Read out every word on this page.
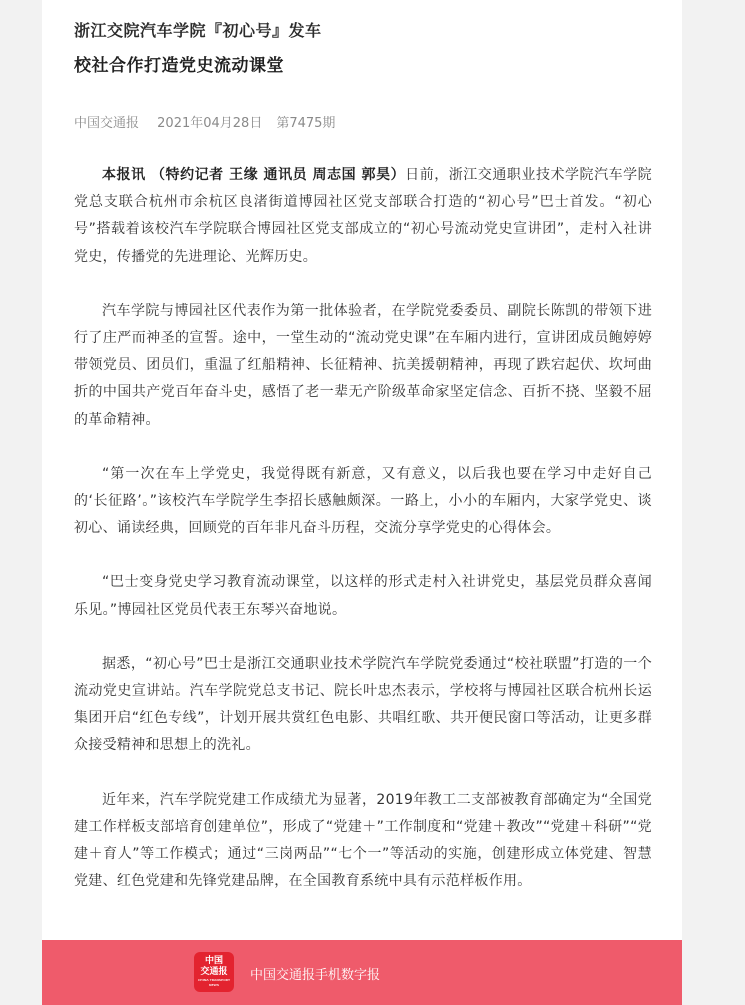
浙江交院汽车学院『初心号』发车
校社合作打造党史流动课堂
中国交通报 2021年04月28日 第7475期

本报讯 （特约记者 王缘 通讯员 周志国 郭昊）日前，浙江交通职业技术学院汽车学院党总支联合杭州市余杭区良渚街道博园社区党支部联合打造的“初心号”巴士首发。“初心号”搭载着该校汽车学院联合博园社区党支部成立的“初心号流动党史宣讲团”，走村入社讲党史，传播党的先进理论、光辉历史。

汽车学院与博园社区代表作为第一批体验者，在学院党委委员、副院长陈凯的带领下进行了庄严而神圣的宣誓。途中，一堂生动的“流动党史课”在车厢内进行，宣讲团成员鲍婷婷带领党员、团员们，重温了红船精神、长征精神、抗美援朝精神，再现了跌宕起伏、坎坷曲折的中国共产党百年奋斗史，感悟了老一辈无产阶级革命家坚定信念、百折不挠、坚毅不屈的革命精神。

“第一次在车上学党史，我觉得既有新意，又有意义，以后我也要在学习中走好自己的‘长征路’。”该校汽车学院学生李招长感触颇深。一路上，小小的车厢内，大家学党史、谈初心、诵读经典，回顾党的百年非凡奋斗历程，交流分享学党史的心得体会。

“巴士变身党史学习教育流动课堂，以这样的形式走村入社讲党史，基层党员群众喜闻乐见。”博园社区党员代表王东琴兴奋地说。

据悉，“初心号”巴士是浙江交通职业技术学院汽车学院党委通过“校社联盟”打造的一个流动党史宣讲站。汽车学院党总支书记、院长叶忠杰表示，学校将与博园社区联合杭州长运集团开启“红色专线”，计划开展共赏红色电影、共唱红歌、共开便民窗口等活动，让更多群众接受精神和思想上的洗礼。

近年来，汽车学院党建工作成绩尤为显著，2019年教工二支部被教育部确定为“全国党建工作样板支部培育创建单位”，形成了“党建＋”工作制度和“党建＋教改”“党建＋科研”“党建＋育人”等工作模式；通过“三岗两品”“七个一”等活动的实施，创建形成立体党建、智慧党建、红色党建和先锋党建品牌，在全国教育系统中具有示范样板作用。

中国
交通报
CHINA TRANSPORT NEWS
中国交通报手机数字报
